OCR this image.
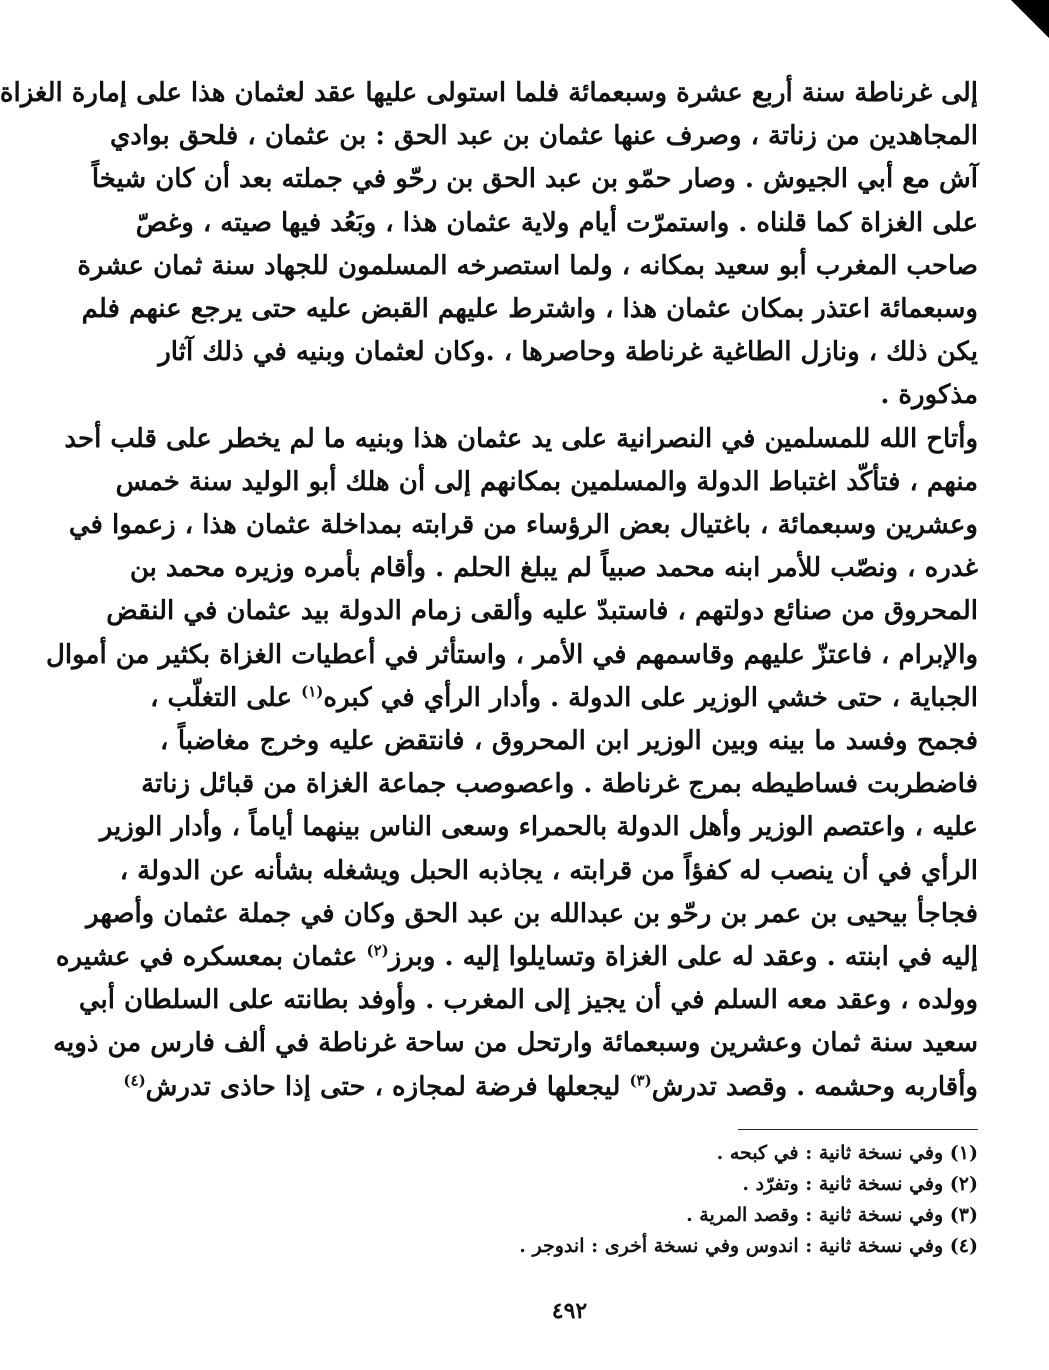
إلى غرناطة سنة أربع عشرة وسبعمائة فلما استولى عليها عقد لعثمان هذا على إمارة الغزاة
المجاهدين من زناتة ، وصرف عنها عثمان بن عبد الحق : بن عثمان ، فلحق بوادي
آش مع أبي الجيوش . وصار حمّو بن عبد الحق بن رحّو في جملته بعد أن كان شيخاً
على الغزاة كما قلناه . واستمرّت أيام ولاية عثمان هذا ، وبَعُد فيها صيته ، وغصّ
صاحب المغرب أبو سعيد بمكانه ، ولما استصرخه المسلمون للجهاد سنة ثمان عشرة
وسبعمائة اعتذر بمكان عثمان هذا ، واشترط عليهم القبض عليه حتى يرجع عنهم فلم
يكن ذلك ، ونازل الطاغية غرناطة وحاصرها ، .وكان لعثمان وبنيه في ذلك آثار
مذكورة .
وأتاح الله للمسلمين في النصرانية على يد عثمان هذا وبنيه ما لم يخطر على قلب أحد
منهم ، فتأكّد اغتباط الدولة والمسلمين بمكانهم إلى أن هلك أبو الوليد سنة خمس
وعشرين وسبعمائة ، باغتيال بعض الرؤساء من قرابته بمداخلة عثمان هذا ، زعموا في
غدره ، ونصّب للأمر ابنه محمد صبياً لم يبلغ الحلم . وأقام بأمره وزيره محمد بن
المحروق من صنائع دولتهم ، فاستبدّ عليه وألقى زمام الدولة بيد عثمان في النقض
والإبرام ، فاعتزّ عليهم وقاسمهم في الأمر ، واستأثر في أعطيات الغزاة بكثير من أموال
الجباية ، حتى خشي الوزير على الدولة . وأدار الرأي في كبره$^{(١)}$ على التغلّب ،
فجمح وفسد ما بينه وبين الوزير ابن المحروق ، فانتقض عليه وخرج مغاضباً ،
فاضطربت فساطيطه بمرج غرناطة . واعصوصب جماعة الغزاة من قبائل زناتة
عليه ، واعتصم الوزير وأهل الدولة بالحمراء وسعى الناس بينهما أياماً ، وأدار الوزير
الرأي في أن ينصب له كفؤاً من قرابته ، يجاذبه الحبل ويشغله بشأنه عن الدولة ،
فجاجأ بيحيى بن عمر بن رحّو بن عبدالله بن عبد الحق وكان في جملة عثمان وأصهر
إليه في ابنته . وعقد له على الغزاة وتسايلوا إليه . وبرز$^{(٢)}$ عثمان بمعسكره في عشيره
وولده ، وعقد معه السلم في أن يجيز إلى المغرب . وأوفد بطانته على السلطان أبي
سعيد سنة ثمان وعشرين وسبعمائة وارتحل من ساحة غرناطة في ألف فارس من ذويه
وأقاربه وحشمه . وقصد تدرش$^{(٣)}$ ليجعلها فرضة لمجازه ، حتى إذا حاذى تدرش$^{(٤)}$
(١) وفي نسخة ثانية : في كبحه .
(٢) وفي نسخة ثانية : وتفرّد .
(٣) وفي نسخة ثانية : وقصد المرية .
(٤) وفي نسخة ثانية : اندوس وفي نسخة أخرى : اندوجر .
٤٩٢
